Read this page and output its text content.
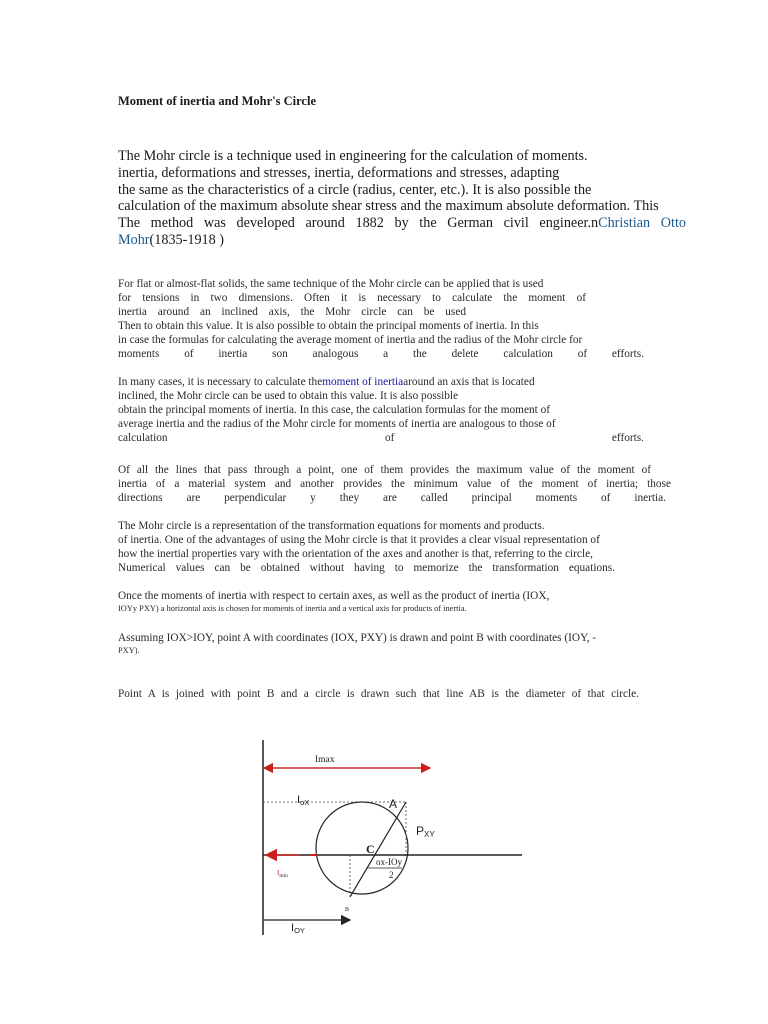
Moment of inertia and Mohr's Circle
The Mohr circle is a technique used in engineering for the calculation of moments.
inertia, deformations and stresses, inertia, deformations and stresses, adapting
the same as the characteristics of a circle (radius, center, etc.). It is also possible the
calculation of the maximum absolute shear stress and the maximum absolute deformation. This
The method was developed around 1882 by the German civil engineer.nChristian Otto
Mohr(1835-1918 )
For flat or almost-flat solids, the same technique of the Mohr circle can be applied that is used
for tensions in two dimensions. Often it is necessary to calculate the moment of
inertia around an inclined axis, the Mohr circle can be used
Then to obtain this value. It is also possible to obtain the principal moments of inertia. In this
in case the formulas for calculating the average moment of inertia and the radius of the Mohr circle for
moments of inertia son analogous a the delete calculation of efforts.
In many cases, it is necessary to calculate themoment of inertiaaround an axis that is located
inclined, the Mohr circle can be used to obtain this value. It is also possible
obtain the principal moments of inertia. In this case, the calculation formulas for the moment of
average inertia and the radius of the Mohr circle for moments of inertia are analogous to those of
calculation of efforts.
Of all the lines that pass through a point, one of them provides the maximum value of the moment of
inertia of a material system and another provides the minimum value of the moment of inertia; those
directions are perpendicular y they are called principal moments of inertia.
The Mohr circle is a representation of the transformation equations for moments and products.
of inertia. One of the advantages of using the Mohr circle is that it provides a clear visual representation of
how the inertial properties vary with the orientation of the axes and another is that, referring to the circle,
Numerical values can be obtained without having to memorize the transformation equations.
Once the moments of inertia with respect to certain axes, as well as the product of inertia (IOX,
IOYy PXY) a horizontal axis is chosen for moments of inertia and a vertical axis for products of inertia.
Assuming IOX>IOY, point A with coordinates (IOX, PXY) is drawn and point B with coordinates (IOY, -
PXY).
Point A is joined with point B and a circle is drawn such that line AB is the diameter of that circle.
Imax
IoX	A
PXY
C
ox-IOy
2
$I_{min}$
B
IOY
